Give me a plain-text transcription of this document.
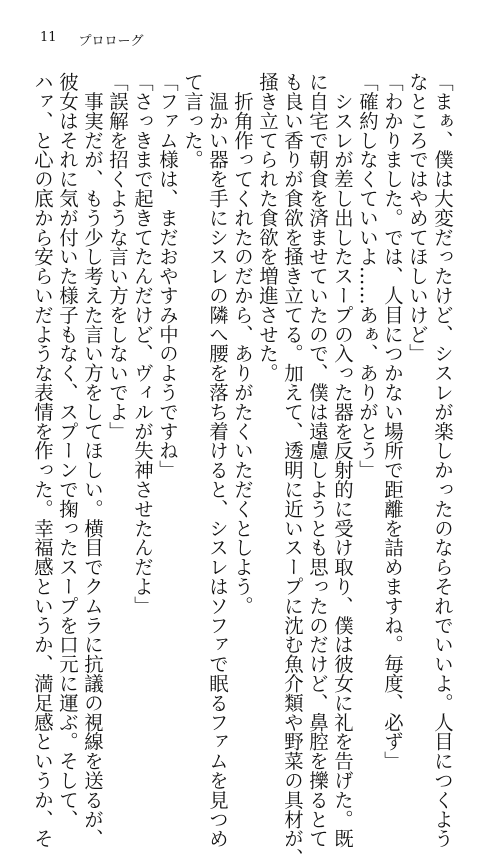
11 プロローグ
「まぁ、僕は大変だったけど、シスレが楽しかったのならそれでいいよ。人目につくよう
なところではやめてほしいけど」
「わかりました。では、人目につかない場所で距離を詰めますね。毎度、必ず」
「確約しなくていいよ……あぁ、ありがとう」
　シスレが差し出したスープの入った器を反射的に受け取り、僕は彼女に礼を告げた。既
に自宅で朝食を済ませていたので、僕は遠慮しようとも思ったのだけど、鼻腔を擽るとて
も良い香りが食欲を掻き立てる。加えて、透明に近いスープに沈む魚介類や野菜の具材が、
掻き立てられた食欲を増進させた。
　折角作ってくれたのだから、ありがたくいただくとしよう。
　温かい器を手にシスレの隣へ腰を落ち着けると、シスレはソファで眠るファムを見つめ
て言った。
「ファム様は、まだおやすみ中のようですね」
「さっきまで起きてたんだけど、ヴィルが失神させたんだよ」
「誤解を招くような言い方をしないでよ」
　事実だが、もう少し考えた言い方をしてほしい。横目でクムラに抗議の視線を送るが、
彼女はそれに気が付いた様子もなく、スプーンで掬ったスープを口元に運ぶ。そして、
ハァ、と心の底から安らいだような表情を作った。幸福感というか、満足感というか、そ
